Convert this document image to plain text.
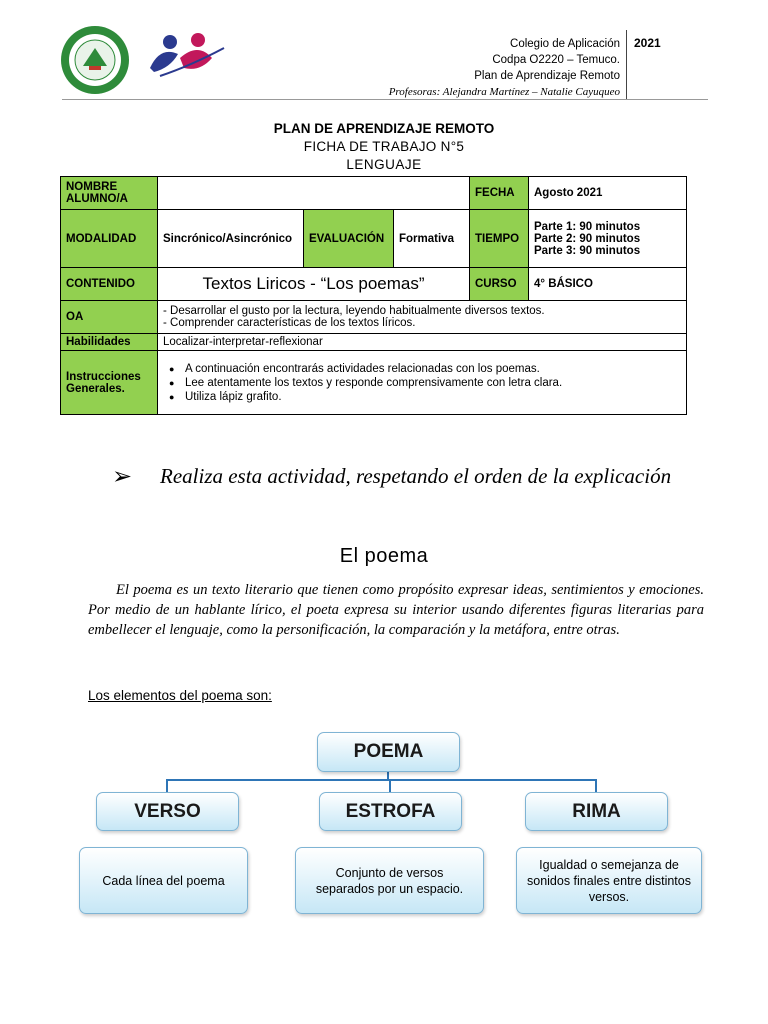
Colegio de Aplicación
Codpa O2220 – Temuco.
Plan de Aprendizaje Remoto
Profesoras: Alejandra Martínez – Natalie Cayuqueo
2021
PLAN DE APRENDIZAJE REMOTO
FICHA DE TRABAJO N°5
LENGUAJE
NOMBRE ALUMNO/A				FECHA	Agosto 2021
MODALIDAD	Sincrónico/Asincrónico	EVALUACIÓN	Formativa	TIEMPO	Parte 1: 90 minutos
Parte 2: 90 minutos
Parte 3: 90 minutos

CONTENIDO	Textos Liricos - “Los poemas”			CURSO	4° BÁSICO
OA	- Desarrollar el gusto por la lectura, leyendo habitualmente diversos textos.
- Comprender características de los textos líricos.				

Habilidades	Localizar-interpretar-reflexionar				
Instrucciones Generales.	● A continuación encontrarás actividades relacionadas con los poemas.
● Lee atentamente los textos y responde comprensivamente con letra clara.
● Utiliza lápiz grafito.
➢ Realiza esta actividad, respetando el orden de la explicación
El poema
El poema es un texto literario que tienen como propósito expresar ideas, sentimientos y emociones. Por medio de un hablante lírico, el poeta expresa su interior usando diferentes figuras literarias para embellecer el lenguaje, como la personificación, la comparación y la metáfora, entre otras.
Los elementos del poema son:
POEMA
VERSO	ESTROFA	RIMA
Cada línea del poema
Conjunto de versos separados por un espacio.
Igualdad o semejanza de sonidos finales entre distintos versos.
